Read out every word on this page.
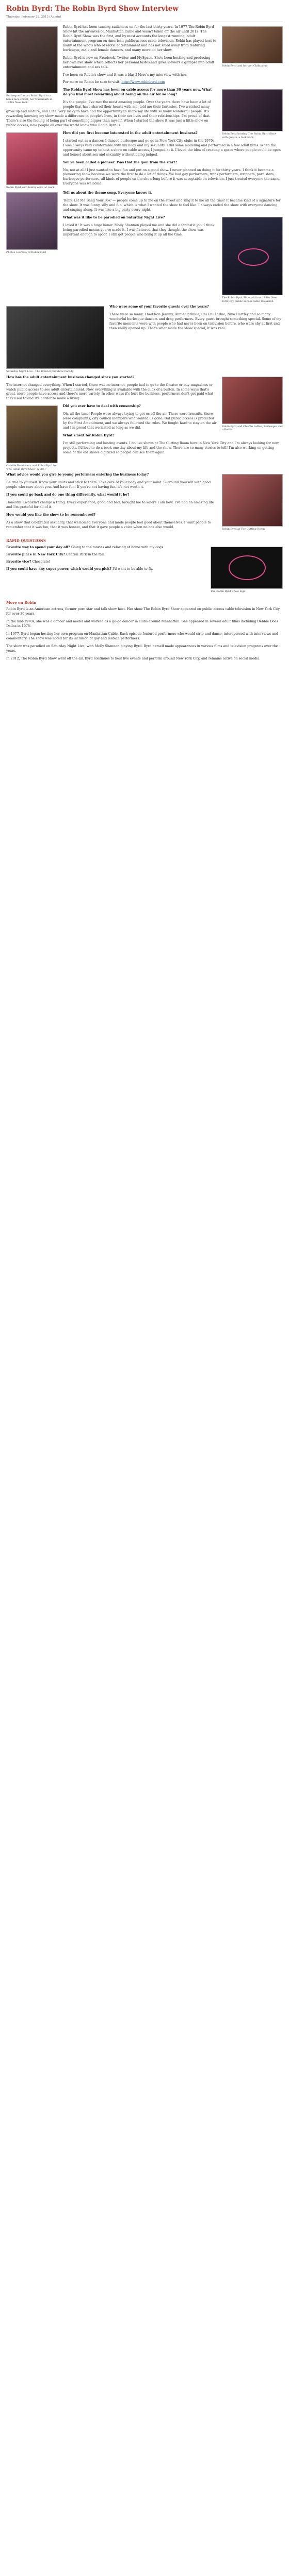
Robin Byrd: The Robin Byrd Show Interview
Thursday, February 28, 2013 (Admin)
Burlesque Dancer Robin Byrd in a black lace corset, her trademark in 1980s New York.
Robin Byrd and her pet Chihuahua

Robin Byrd has been turning audiences on for the last thirty years. In 1977 The Robin Byrd Show hit the airwaves on Manhattan Cable and wasn't taken off the air until 2012. The Robin Byrd Show was the first, and by most accounts the longest running, adult entertainment program on American public access cable television. Robin has played host to many of the who's who of erotic entertainment and has not shied away from featuring burlesque, male and female dancers, and many more on her show.

Robin Byrd is now on Facebook, Twitter and MySpace. She's been hosting and producing her own live show which reflects her personal tastes and gives viewers a glimpse into adult entertainment and sex talk.

I've been on Robin's show and it was a blast! Here's my interview with her.

For more on Robin be sure to visit: http://www.robinbyrd.com

Robin Byrd hosting The Robin Byrd Show with guests, a look back

The Robin Byrd Show has been on cable access for more than 30 years now. What do you find most rewarding about being on the air for so long?

It's the people. I've met the most amazing people. Over the years there have been a lot of people that have shared their hearts with me, told me their fantasies, I've watched many grow up and mature, and I feel very lucky to have had the opportunity to share my life with so many wonderful people. It's rewarding knowing my show made a difference in people's lives, in their sex lives and their relationships. I'm proud of that. There's also the feeling of being part of something bigger than myself. When I started the show it was just a little show on public access, now people all over the world know who Robin Byrd is.

Robin Byrd with bunny ears, at work

How did you first become interested in the adult entertainment business?

I started out as a dancer. I danced burlesque and go-go in New York City clubs in the 1970s. I was always very comfortable with my body and my sexuality. I did some modeling and performed in a few adult films. When the opportunity came up to host a show on cable access, I jumped at it. I loved the idea of creating a space where people could be open and honest about sex and sexuality without being judged.

You've been called a pioneer. Was that the goal from the start?

No, not at all! I just wanted to have fun and put on a good show. I never planned on doing it for thirty years. I think it became a pioneering show because we were the first to do a lot of things. We had gay performers, trans performers, strippers, porn stars, burlesque performers, all kinds of people on the show long before it was acceptable on television. I just treated everyone the same. Everyone was welcome.

Photos courtesy of Robin Byrd

Tell us about the theme song. Everyone knows it.

'Baby, Let Me Bang Your Box' — people come up to me on the street and sing it to me all the time! It became kind of a signature for the show. It was funny, silly and fun, which is what I wanted the show to feel like. I always ended the show with everyone dancing and singing along. It was like a big party every night.

The Robin Byrd Show ad from 1990s New York City public access cable television

What was it like to be parodied on Saturday Night Live?

I loved it! It was a huge honor. Molly Shannon played me and she did a fantastic job. I think being parodied means you've made it. I was flattered that they thought the show was important enough to spoof. I still get people who bring it up all the time.

Saturday Night Live - The Robin Byrd Show Parody

Who were some of your favorite guests over the years?

There were so many. I had Ron Jeremy, Annie Sprinkle, Chi Chi LaRue, Nina Hartley and so many wonderful burlesque dancers and drag performers. Every guest brought something special. Some of my favorite moments were with people who had never been on television before, who were shy at first and then really opened up. That's what made the show special, it was real.

Robin Byrd and Chi Chi LaRue, Burlesque and a Bottle

How has the adult entertainment business changed since you started?

The internet changed everything. When I started, there was no internet, people had to go to the theater or buy magazines or watch public access to see adult entertainment. Now everything is available with the click of a button. In some ways that's great, more people have access and there's more variety. In other ways it's hurt the business, performers don't get paid what they used to and it's harder to make a living.

Camille Boudreaux and Robin Byrd for 'The Robin Byrd Show' (2005)

Did you ever have to deal with censorship?

Oh, all the time! People were always trying to get us off the air. There were lawsuits, there were complaints, city council members who wanted us gone. But public access is protected by the First Amendment, and we always followed the rules. We fought hard to stay on the air and I'm proud that we lasted as long as we did.

What's next for Robin Byrd?

I'm still performing and hosting events. I do live shows at The Cutting Room here in New York City and I'm always looking for new projects. I'd love to do a book one day about my life and the show. There are so many stories to tell! I'm also working on getting some of the old shows digitized so people can see them again.

Robin Byrd at The Cutting Room

What advice would you give to young performers entering the business today?

Be true to yourself. Know your limits and stick to them. Take care of your body and your mind. Surround yourself with good people who care about you. And have fun! If you're not having fun, it's not worth it.

If you could go back and do one thing differently, what would it be?

Honestly, I wouldn't change a thing. Every experience, good and bad, brought me to where I am now. I've had an amazing life and I'm grateful for all of it.

How would you like the show to be remembered?

As a show that celebrated sexuality, that welcomed everyone and made people feel good about themselves. I want people to remember that it was fun, that it was honest, and that it gave people a voice when no one else would.

RAPID QUESTIONS
The Robin Byrd Show logo

Favorite way to spend your day off? Going to the movies and relaxing at home with my dogs.

Favorite place in New York City? Central Park in the fall.

Favorite vice? Chocolate!

If you could have any super power, which would you pick? I'd want to be able to fly.

More on Robin

Robin Byrd is an American actress, former porn star and talk show host. Her show The Robin Byrd Show appeared on public access cable television in New York City for over 30 years.

In the mid-1970s, she was a dancer and model and worked as a go-go dancer in clubs around Manhattan. She appeared in several adult films including Debbie Does Dallas in 1978.

In 1977, Byrd began hosting her own program on Manhattan Cable. Each episode featured performers who would strip and dance, interspersed with interviews and commentary. The show was noted for its inclusion of gay and lesbian performers.

The show was parodied on Saturday Night Live, with Molly Shannon playing Byrd. Byrd herself made appearances in various films and television programs over the years.

In 2012, The Robin Byrd Show went off the air. Byrd continues to host live events and perform around New York City, and remains active on social media.
